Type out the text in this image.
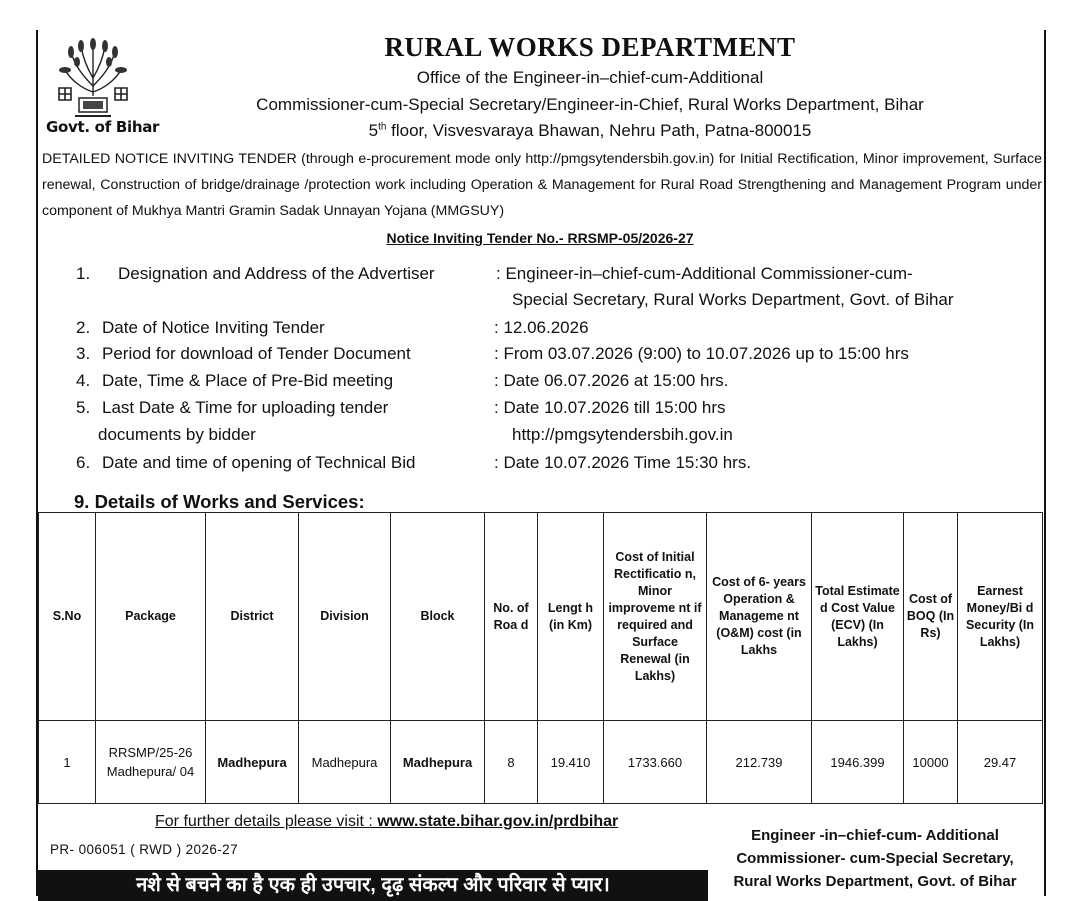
Govt. of Bihar
RURAL WORKS DEPARTMENT
Office of the Engineer-in–chief-cum-Additional
Commissioner-cum-Special Secretary/Engineer-in-Chief, Rural Works Department, Bihar
5th floor, Visvesvaraya Bhawan, Nehru Path, Patna-800015
DETAILED NOTICE INVITING TENDER (through e-procurement mode only http://pmgsytendersbih.gov.in) for Initial Rectification, Minor improvement, Surface renewal, Construction of bridge/drainage /protection work including Operation & Management for Rural Road Strengthening and Management Program under component of Mukhya Mantri Gramin Sadak Unnayan Yojana (MMGSUY)
Notice Inviting Tender No.- RRSMP-05/2026-27
1. Designation and Address of the Advertiser	: Engineer-in–chief-cum-Additional Commissioner-cum-
Special Secretary, Rural Works Department, Govt. of Bihar
2. Date of Notice Inviting Tender	: 12.06.2026
3. Period for download of Tender Document	: From 03.07.2026 (9:00) to 10.07.2026 up to 15:00 hrs
4. Date, Time & Place of Pre-Bid meeting	: Date 06.07.2026 at 15:00 hrs.
5. Last Date & Time for uploading tender	: Date 10.07.2026 till 15:00 hrs
documents by bidder	http://pmgsytendersbih.gov.in
6. Date and time of opening of Technical Bid	: Date 10.07.2026 Time 15:30 hrs.
9. Details of Works and Services:
S.No	Package	District	Division	Block	No. of Roa d	Lengt h (in Km)	Cost of Initial Rectificatio n, Minor improveme nt if required and Surface Renewal (in Lakhs)	Cost of 6- years Operation & Manageme nt (O&M) cost (in Lakhs	Total Estimate d Cost Value (ECV) (In Lakhs)	Cost of BOQ (In Rs)	Earnest Money/Bi d Security (In Lakhs)
1	RRSMP/25-26 Madhepura/ 04	Madhepura	Madhepura	Madhepura	8	19.410	1733.660	212.739	1946.399	10000	29.47
For further details please visit : www.state.bihar.gov.in/prdbihar
PR- 006051 ( RWD ) 2026-27
Engineer -in–chief-cum- Additional
Commissioner- cum-Special Secretary,
Rural Works Department, Govt. of Bihar
नशे से बचने का है एक ही उपचार, दृढ़ संकल्प और परिवार से प्यार।
